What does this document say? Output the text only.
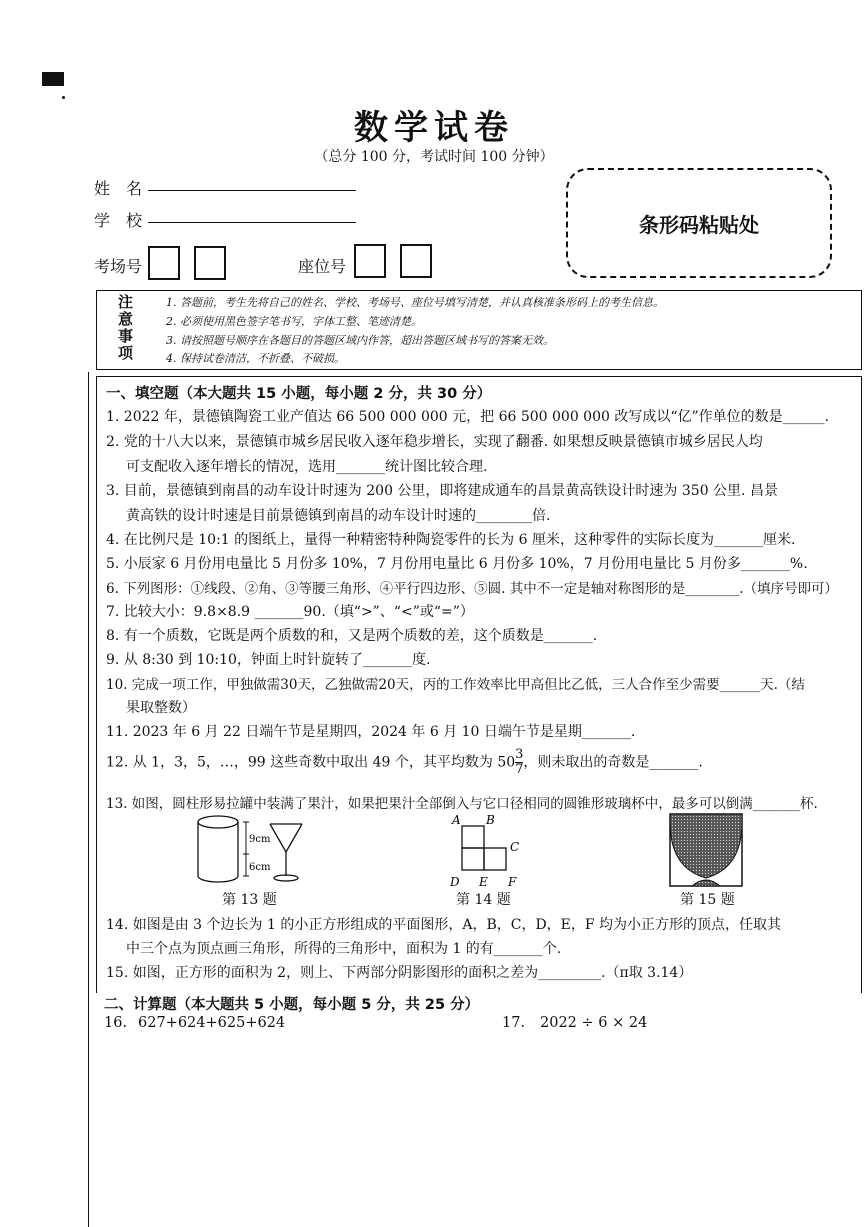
数学试卷
（总分 100 分，考试时间 100 分钟）
姓　名
学　校
考场号	座位号
条形码粘贴处
注
意
事
项
1. 答题前，考生先将自己的姓名、学校、考场号、座位号填写清楚，并认真核准条形码上的考生信息。
2. 必须使用黑色签字笔书写，字体工整、笔迹清楚。
3. 请按照题号顺序在各题目的答题区域内作答，超出答题区域书写的答案无效。
4. 保持试卷清洁，不折叠、不破损。
一、填空题（本大题共 15 小题，每小题 2 分，共 30 分）
1. 2022 年，景德镇陶瓷工业产值达 66 500 000 000 元，把 66 500 000 000 改写成以“亿”作单位的数是______.
2. 党的十八大以来，景德镇市城乡居民收入逐年稳步增长，实现了翻番. 如果想反映景德镇市城乡居民人均
可支配收入逐年增长的情况，选用_______统计图比较合理.
3. 目前，景德镇到南昌的动车设计时速为 200 公里，即将建成通车的昌景黄高铁设计时速为 350 公里. 昌景
黄高铁的设计时速是目前景德镇到南昌的动车设计时速的________倍.
4. 在比例尺是 10:1 的图纸上，量得一种精密特种陶瓷零件的长为 6 厘米，这种零件的实际长度为_______厘米.
5. 小辰家 6 月份用电量比 5 月份多 10%，7 月份用电量比 6 月份多 10%，7 月份用电量比 5 月份多_______%.
6. 下列图形：①线段、②角、③等腰三角形、④平行四边形、⑤圆. 其中不一定是轴对称图形的是________.（填序号即可）
7. 比较大小：9.8×8.9 _______90.（填“>”、“<”或“=”）
8. 有一个质数，它既是两个质数的和，又是两个质数的差，这个质数是_______.
9. 从 8:30 到 10:10，钟面上时针旋转了_______度.
10. 完成一项工作，甲独做需30天，乙独做需20天，丙的工作效率比甲高但比乙低，三人合作至少需要______天.（结
果取整数）
11. 2023 年 6 月 22 日端午节是星期四，2024 年 6 月 10 日端午节是星期_______.
12. 从 1，3，5，…，99 这些奇数中取出 49 个，其平均数为 $50 \frac{3}{7}$ ，则未取出的奇数是_______.
13. 如图，圆柱形易拉罐中装满了果汁，如果把果汁全部倒入与它口径相同的圆锥形玻璃杯中，最多可以倒满_______杯.
9cm
6cm
第 13 题
A B
C
D E F
第 14 题	第 15 题
14. 如图是由 3 个边长为 1 的小正方形组成的平面图形，A，B，C，D，E，F 均为小正方形的顶点，任取其
中三个点为顶点画三角形，所得的三角形中，面积为 1 的有_______个.
15. 如图，正方形的面积为 2，则上、下两部分阴影图形的面积之差为_________.（π取 3.14）
二、计算题（本大题共 5 小题，每小题 5 分，共 25 分）
16. 627+624+625+624	17. 2022 ÷ 6 × 24
